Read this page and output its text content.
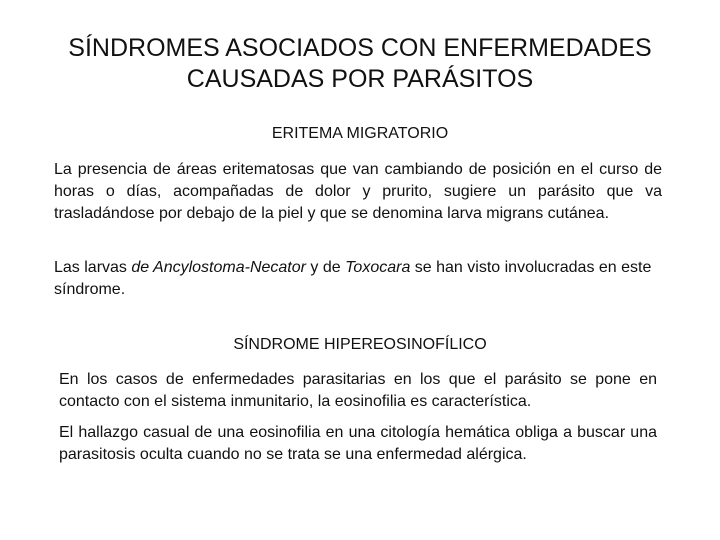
SÍNDROMES ASOCIADOS CON ENFERMEDADES
CAUSADAS POR PARÁSITOS
ERITEMA MIGRATORIO

La presencia de áreas eritematosas que van cambiando de posición en el curso de horas o días, acompañadas de dolor y prurito, sugiere un parásito que va trasladándose por debajo de la piel y que se denomina larva migrans cutánea.

Las larvas de Ancylostoma-Necator y de Toxocara se han visto involucradas en este síndrome.

SÍNDROME HIPEREOSINOFÍLICO

En los casos de enfermedades parasitarias en los que el parásito se pone en contacto con el sistema inmunitario, la eosinofilia es característica.

El hallazgo casual de una eosinofilia en una citología hemática obliga a buscar una parasitosis oculta cuando no se trata se una enfermedad alérgica.
